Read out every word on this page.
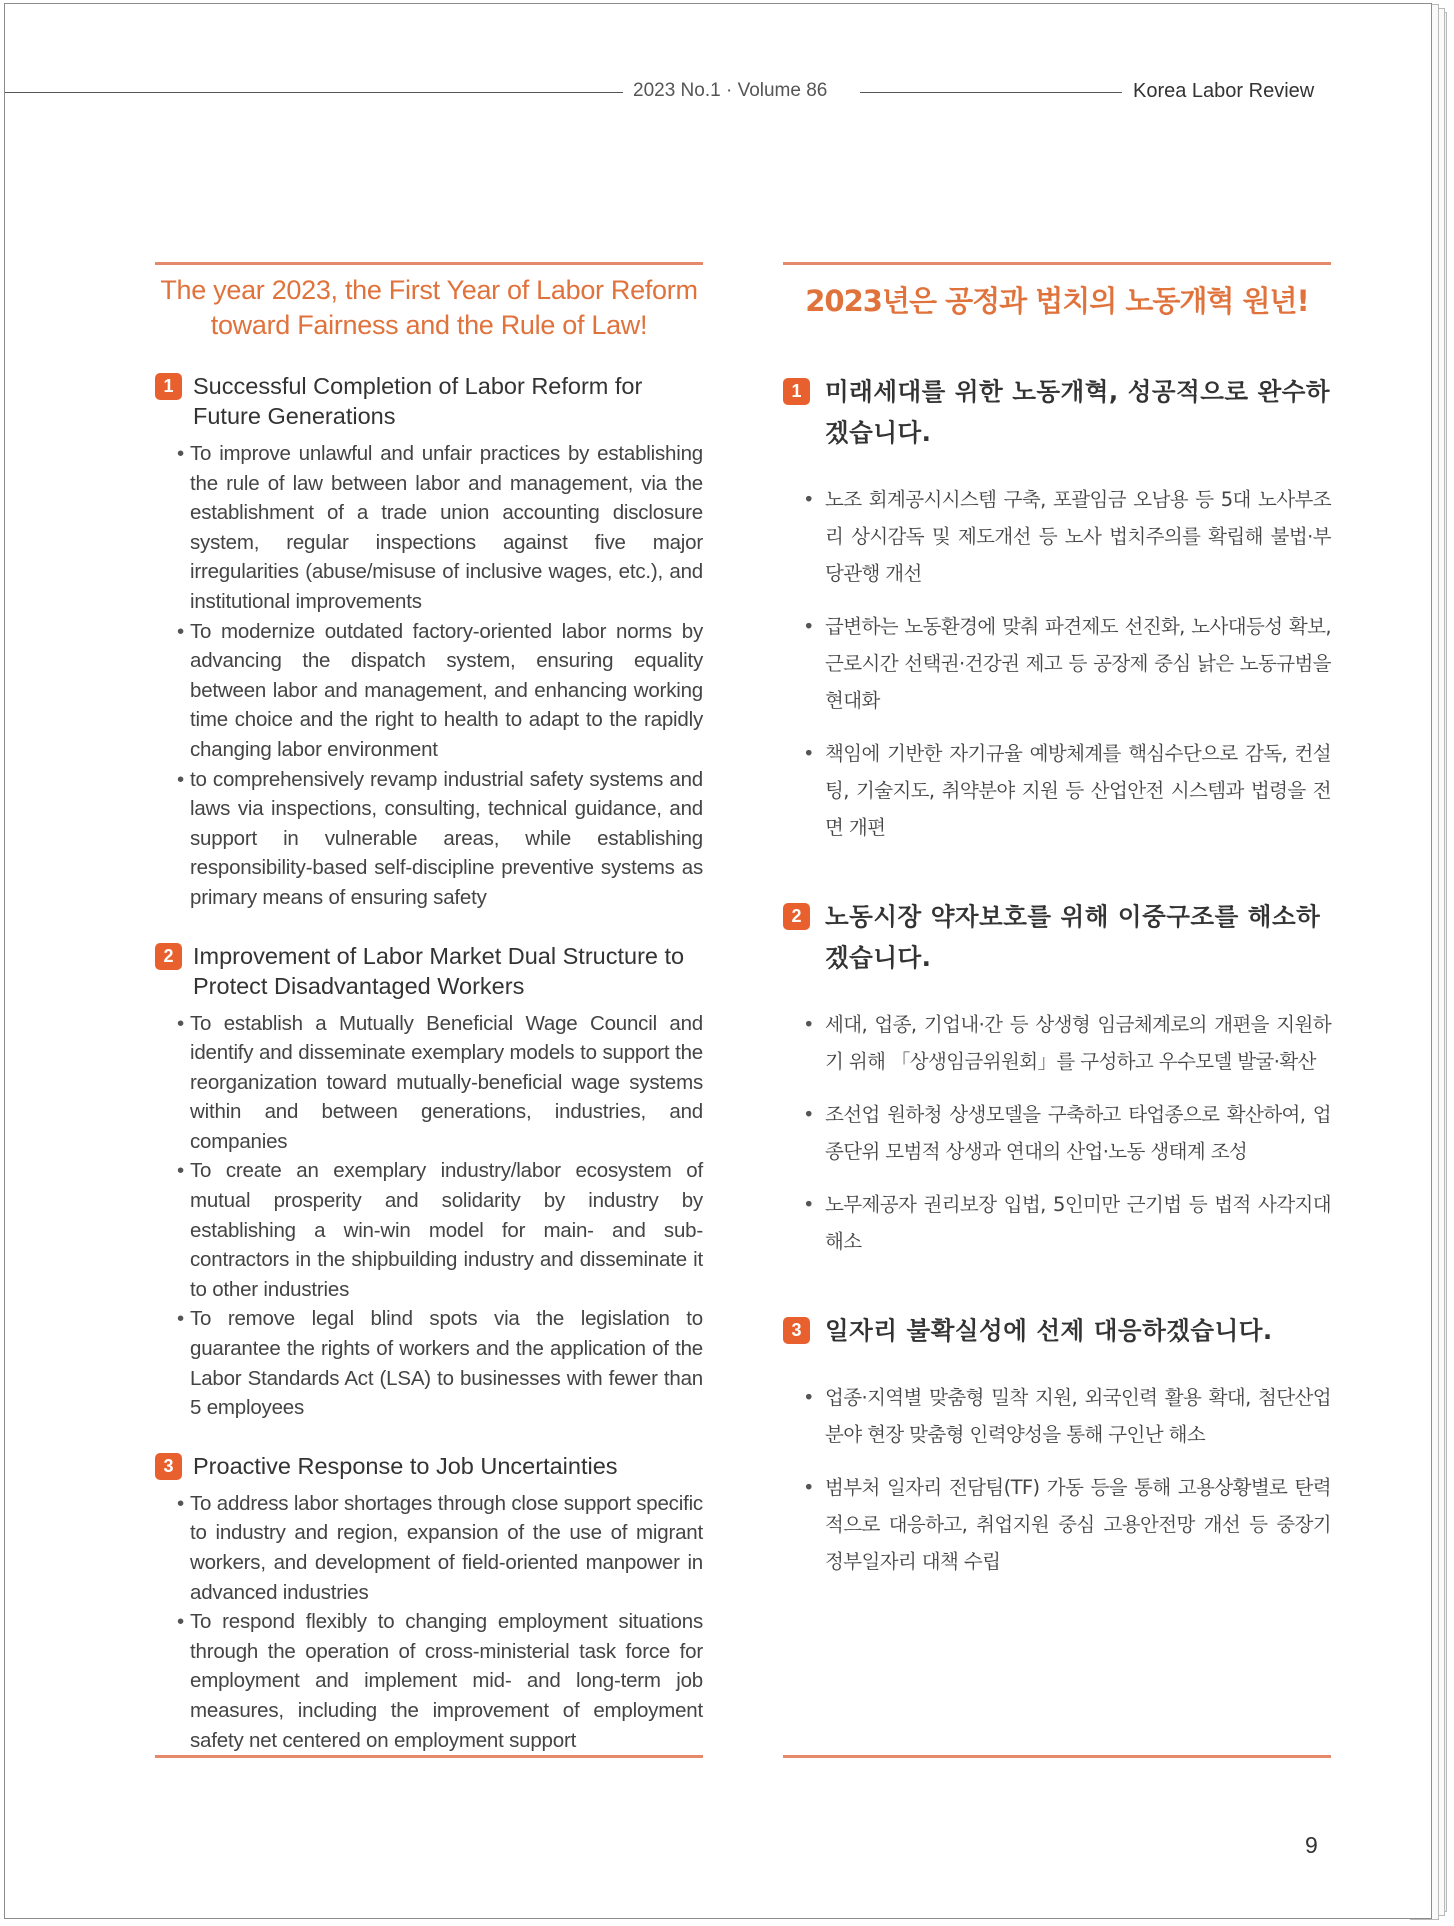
2023 No.1 · Volume 86	Korea Labor Review
The year 2023, the First Year of Labor Reform
toward Fairness and the Rule of Law!
1 Successful Completion of Labor Reform for Future Generations
• To improve unlawful and unfair practices by establishing the rule of law between labor and management, via the establishment of a trade union accounting disclosure system, regular inspections against five major irregularities (abuse/misuse of inclusive wages, etc.), and institutional improvements
• To modernize outdated factory-oriented labor norms by advancing the dispatch system, ensuring equality between labor and management, and enhancing working time choice and the right to health to adapt to the rapidly changing labor environment
• to comprehensively revamp industrial safety systems and laws via inspections, consulting, technical guidance, and support in vulnerable areas, while establishing responsibility-based self-discipline preventive systems as primary means of ensuring safety
2 Improvement of Labor Market Dual Structure to Protect Disadvantaged Workers
• To establish a Mutually Beneficial Wage Council and identify and disseminate exemplary models to support the reorganization toward mutually-beneficial wage systems within and between generations, industries, and companies
• To create an exemplary industry/labor ecosystem of mutual prosperity and solidarity by industry by establishing a win-win model for main- and sub-contractors in the shipbuilding industry and disseminate it to other industries
• To remove legal blind spots via the legislation to guarantee the rights of workers and the application of the Labor Standards Act (LSA) to businesses with fewer than 5 employees
3 Proactive Response to Job Uncertainties
• To address labor shortages through close support specific to industry and region, expansion of the use of migrant workers, and development of field-oriented manpower in advanced industries
• To respond flexibly to changing employment situations through the operation of cross-ministerial task force for employment and implement mid- and long-term job measures, including the improvement of employment safety net centered on employment support
2023년은 공정과 법치의 노동개혁 원년!
1 미래세대를 위한 노동개혁, 성공적으로 완수하겠습니다.
• 노조 회계공시시스템 구축, 포괄임금 오남용 등 5대 노사부조리 상시감독 및 제도개선 등 노사 법치주의를 확립해 불법·부당관행 개선
• 급변하는 노동환경에 맞춰 파견제도 선진화, 노사대등성 확보, 근로시간 선택권·건강권 제고 등 공장제 중심 낡은 노동규범을 현대화
• 책임에 기반한 자기규율 예방체계를 핵심수단으로 감독, 컨설팅, 기술지도, 취약분야 지원 등 산업안전 시스템과 법령을 전면 개편
2 노동시장 약자보호를 위해 이중구조를 해소하겠습니다.
• 세대, 업종, 기업내·간 등 상생형 임금체계로의 개편을 지원하기 위해 「상생임금위원회」를 구성하고 우수모델 발굴·확산
• 조선업 원하청 상생모델을 구축하고 타업종으로 확산하여, 업종단위 모범적 상생과 연대의 산업·노동 생태계 조성
• 노무제공자 권리보장 입법, 5인미만 근기법 등 법적 사각지대 해소
3 일자리 불확실성에 선제 대응하겠습니다.
• 업종·지역별 맞춤형 밀착 지원, 외국인력 활용 확대, 첨단산업 분야 현장 맞춤형 인력양성을 통해 구인난 해소
• 범부처 일자리 전담팀(TF) 가동 등을 통해 고용상황별로 탄력적으로 대응하고, 취업지원 중심 고용안전망 개선 등 중장기 정부일자리 대책 수립
9
